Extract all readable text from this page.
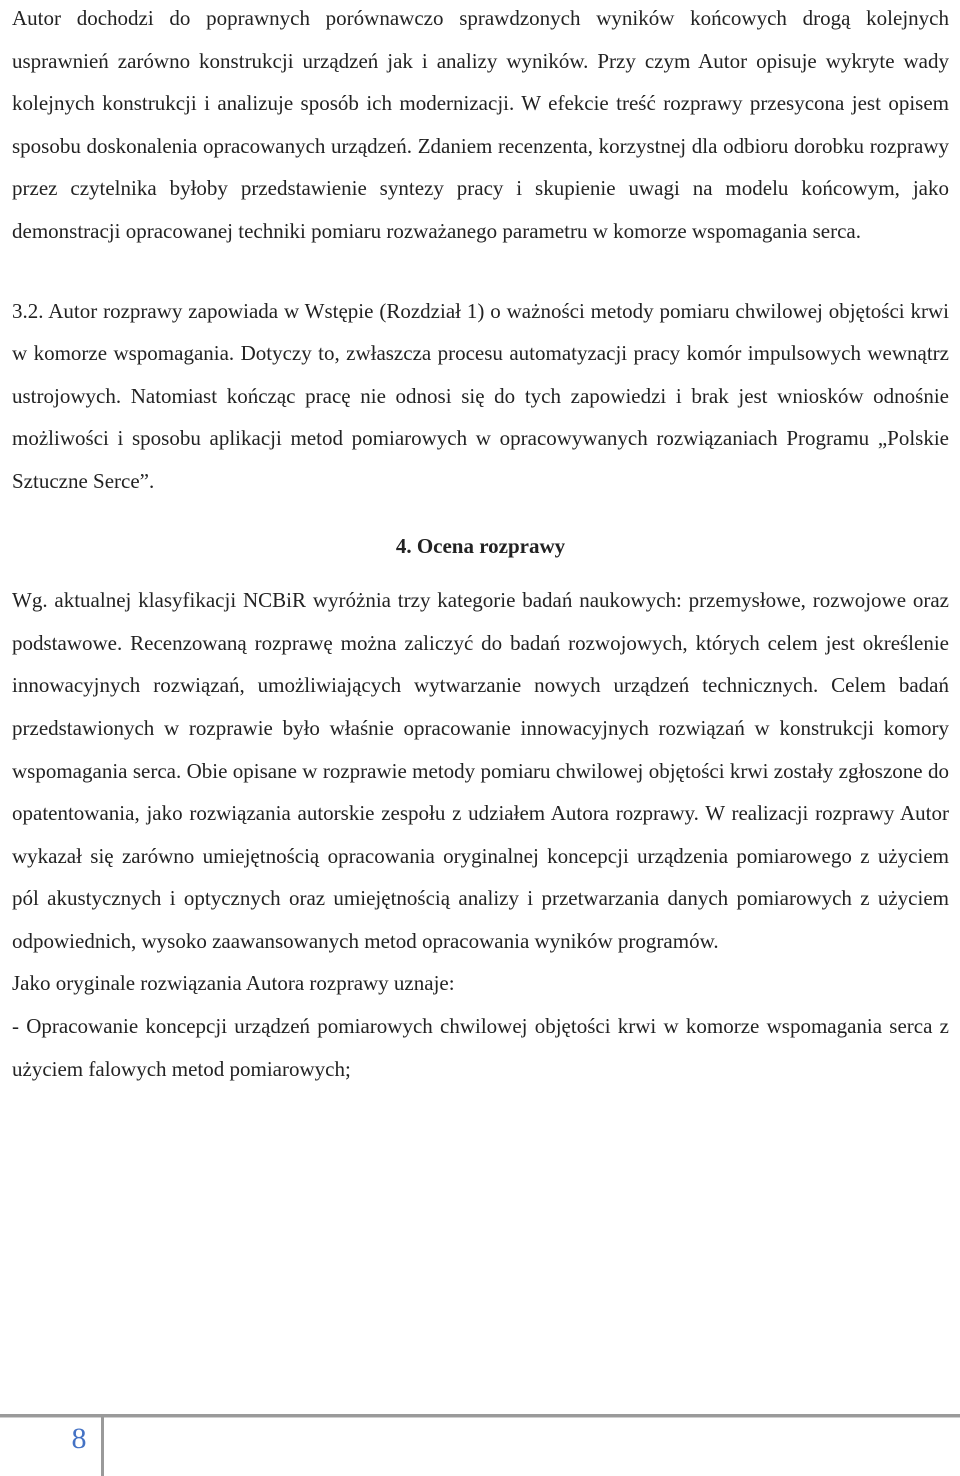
Autor dochodzi do poprawnych porównawczo sprawdzonych wyników końcowych drogą kolejnych usprawnień zarówno konstrukcji urządzeń jak i analizy wyników. Przy czym Autor opisuje wykryte wady kolejnych konstrukcji i analizuje sposób ich modernizacji. W efekcie treść rozprawy przesycona jest opisem sposobu doskonalenia opracowanych urządzeń. Zdaniem recenzenta, korzystnej dla odbioru dorobku rozprawy przez czytelnika byłoby przedstawienie syntezy pracy i skupienie uwagi na modelu końcowym, jako demonstracji opracowanej techniki pomiaru rozważanego parametru w komorze wspomagania serca.

3.2. Autor rozprawy zapowiada w Wstępie (Rozdział 1) o ważności metody pomiaru chwilowej objętości krwi w komorze wspomagania. Dotyczy to, zwłaszcza procesu automatyzacji pracy komór impulsowych wewnątrz ustrojowych. Natomiast kończąc pracę nie odnosi się do tych zapowiedzi i brak jest wniosków odnośnie możliwości i sposobu aplikacji metod pomiarowych w opracowywanych rozwiązaniach Programu „Polskie Sztuczne Serce”.

4. Ocena rozprawy

Wg. aktualnej klasyfikacji NCBiR wyróżnia trzy kategorie badań naukowych: przemysłowe, rozwojowe oraz podstawowe. Recenzowaną rozprawę można zaliczyć do badań rozwojowych, których celem jest określenie innowacyjnych rozwiązań, umożliwiających wytwarzanie nowych urządzeń technicznych. Celem badań przedstawionych w rozprawie było właśnie opracowanie innowacyjnych rozwiązań w konstrukcji komory wspomagania serca. Obie opisane w rozprawie metody pomiaru chwilowej objętości krwi zostały zgłoszone do opatentowania, jako rozwiązania autorskie zespołu z udziałem Autora rozprawy. W realizacji rozprawy Autor wykazał się zarówno umiejętnością opracowania oryginalnej koncepcji urządzenia pomiarowego z użyciem pól akustycznych i optycznych oraz umiejętnością analizy i przetwarzania danych pomiarowych z użyciem odpowiednich, wysoko zaawansowanych metod opracowania wyników programów.

Jako oryginale rozwiązania Autora rozprawy uznaje:

- Opracowanie koncepcji urządzeń pomiarowych chwilowej objętości krwi w komorze wspomagania serca z użyciem falowych metod pomiarowych;

8
